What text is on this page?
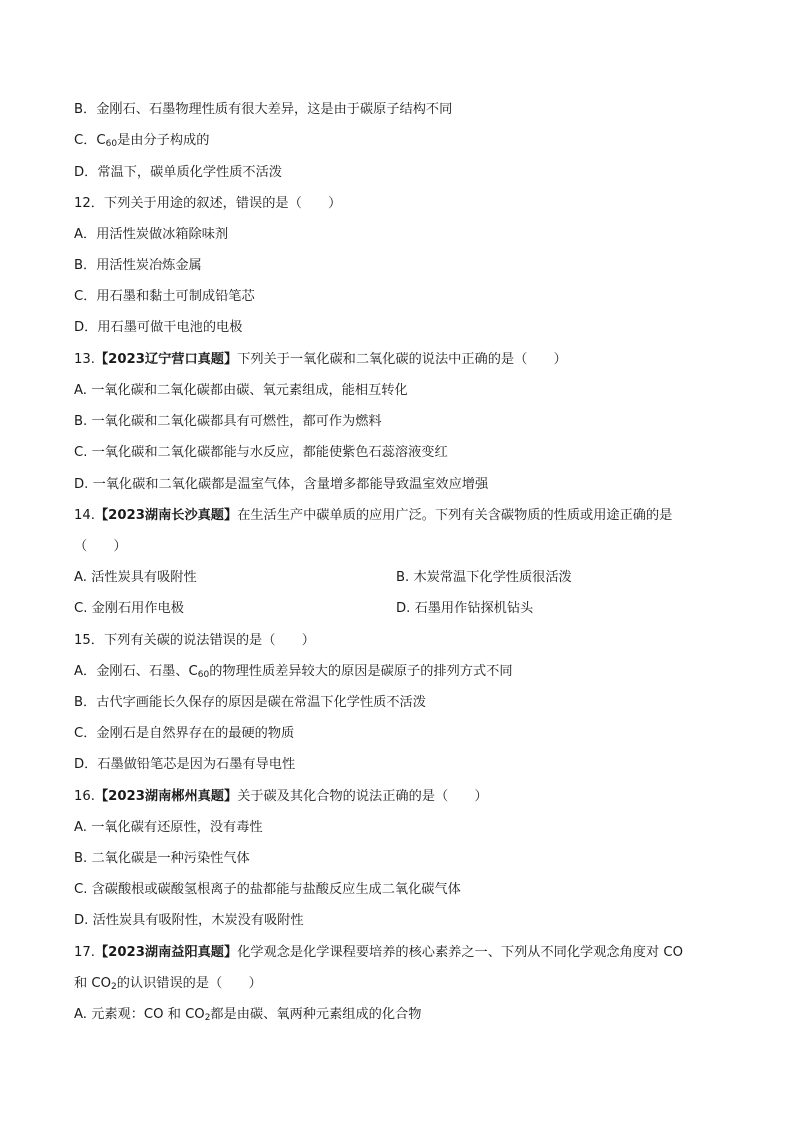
B．金刚石、石墨物理性质有很大差异，这是由于碳原子结构不同
C．$C_{60}$是由分子构成的
D．常温下，碳单质化学性质不活泼
12．下列关于用途的叙述，错误的是（　　）
A．用活性炭做冰箱除味剂
B．用活性炭冶炼金属
C．用石墨和黏土可制成铅笔芯
D．用石墨可做干电池的电极
13.【2023辽宁营口真题】下列关于一氧化碳和二氧化碳的说法中正确的是（　　）
A. 一氧化碳和二氧化碳都由碳、氧元素组成，能相互转化
B. 一氧化碳和二氧化碳都具有可燃性，都可作为燃料
C. 一氧化碳和二氧化碳都能与水反应，都能使紫色石蕊溶液变红
D. 一氧化碳和二氧化碳都是温室气体，含量增多都能导致温室效应增强
14.【2023湖南长沙真题】在生活生产中碳单质的应用广泛。下列有关含碳物质的性质或用途正确的是
（　　）
A. 活性炭具有吸附性	B. 木炭常温下化学性质很活泼
C. 金刚石用作电极	D. 石墨用作钻探机钻头
15．下列有关碳的说法错误的是（　　）
A．金刚石、石墨、$C_{60}$的物理性质差异较大的原因是碳原子的排列方式不同
B．古代字画能长久保存的原因是碳在常温下化学性质不活泼
C．金刚石是自然界存在的最硬的物质
D．石墨做铅笔芯是因为石墨有导电性
16.【2023湖南郴州真题】关于碳及其化合物的说法正确的是（　　）
A. 一氧化碳有还原性，没有毒性
B. 二氧化碳是一种污染性气体
C. 含碳酸根或碳酸氢根离子的盐都能与盐酸反应生成二氧化碳气体
D. 活性炭具有吸附性，木炭没有吸附性
17.【2023湖南益阳真题】化学观念是化学课程要培养的核心素养之一、下列从不同化学观念角度对 CO
和 $CO_2$的认识错误的是（　　）
A. 元素观：CO 和 $CO_2$都是由碳、氧两种元素组成的化合物
